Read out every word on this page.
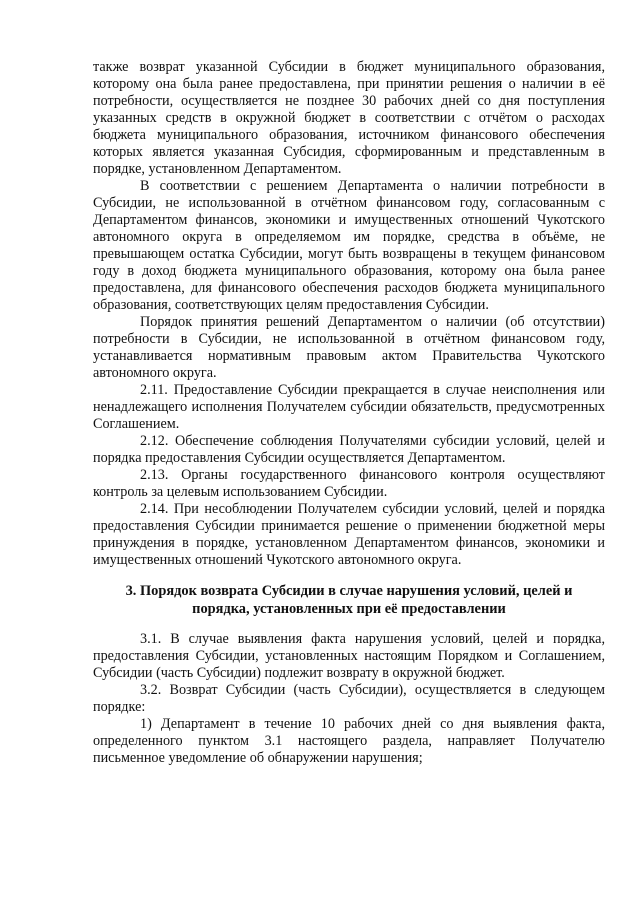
также возврат указанной Субсидии в бюджет муниципального образования, которому она была ранее предоставлена, при принятии решения о наличии в её потребности, осуществляется не позднее 30 рабочих дней со дня поступления указанных средств в окружной бюджет в соответствии с отчётом о расходах бюджета муниципального образования, источником финансового обеспечения которых является указанная Субсидия, сформированным и представленным в порядке, установленном Департаментом.

В соответствии с решением Департамента о наличии потребности в Субсидии, не использованной в отчётном финансовом году, согласованным с Департаментом финансов, экономики и имущественных отношений Чукотского автономного округа в определяемом им порядке, средства в объёме, не превышающем остатка Субсидии, могут быть возвращены в текущем финансовом году в доход бюджета муниципального образования, которому она была ранее предоставлена, для финансового обеспечения расходов бюджета муниципального образования, соответствующих целям предоставления Субсидии.

Порядок принятия решений Департаментом о наличии (об отсутствии) потребности в Субсидии, не использованной в отчётном финансовом году, устанавливается нормативным правовым актом Правительства Чукотского автономного округа.

2.11. Предоставление Субсидии прекращается в случае неисполнения или ненадлежащего исполнения Получателем субсидии обязательств, предусмотренных Соглашением.

2.12. Обеспечение соблюдения Получателями субсидии условий, целей и порядка предоставления Субсидии осуществляется Департаментом.

2.13. Органы государственного финансового контроля осуществляют контроль за целевым использованием Субсидии.

2.14. При несоблюдении Получателем субсидии условий, целей и порядка предоставления Субсидии принимается решение о применении бюджетной меры принуждения в порядке, установленном Департаментом финансов, экономики и имущественных отношений Чукотского автономного округа.

3. Порядок возврата Субсидии в случае нарушения условий, целей и

порядка, установленных при её предоставлении

3.1. В случае выявления факта нарушения условий, целей и порядка, предоставления Субсидии, установленных настоящим Порядком и Соглашением, Субсидии (часть Субсидии) подлежит возврату в окружной бюджет.

3.2. Возврат Субсидии (часть Субсидии), осуществляется в следующем порядке:

1) Департамент в течение 10 рабочих дней со дня выявления факта, определенного пунктом 3.1 настоящего раздела, направляет Получателю письменное уведомление об обнаружении нарушения;
